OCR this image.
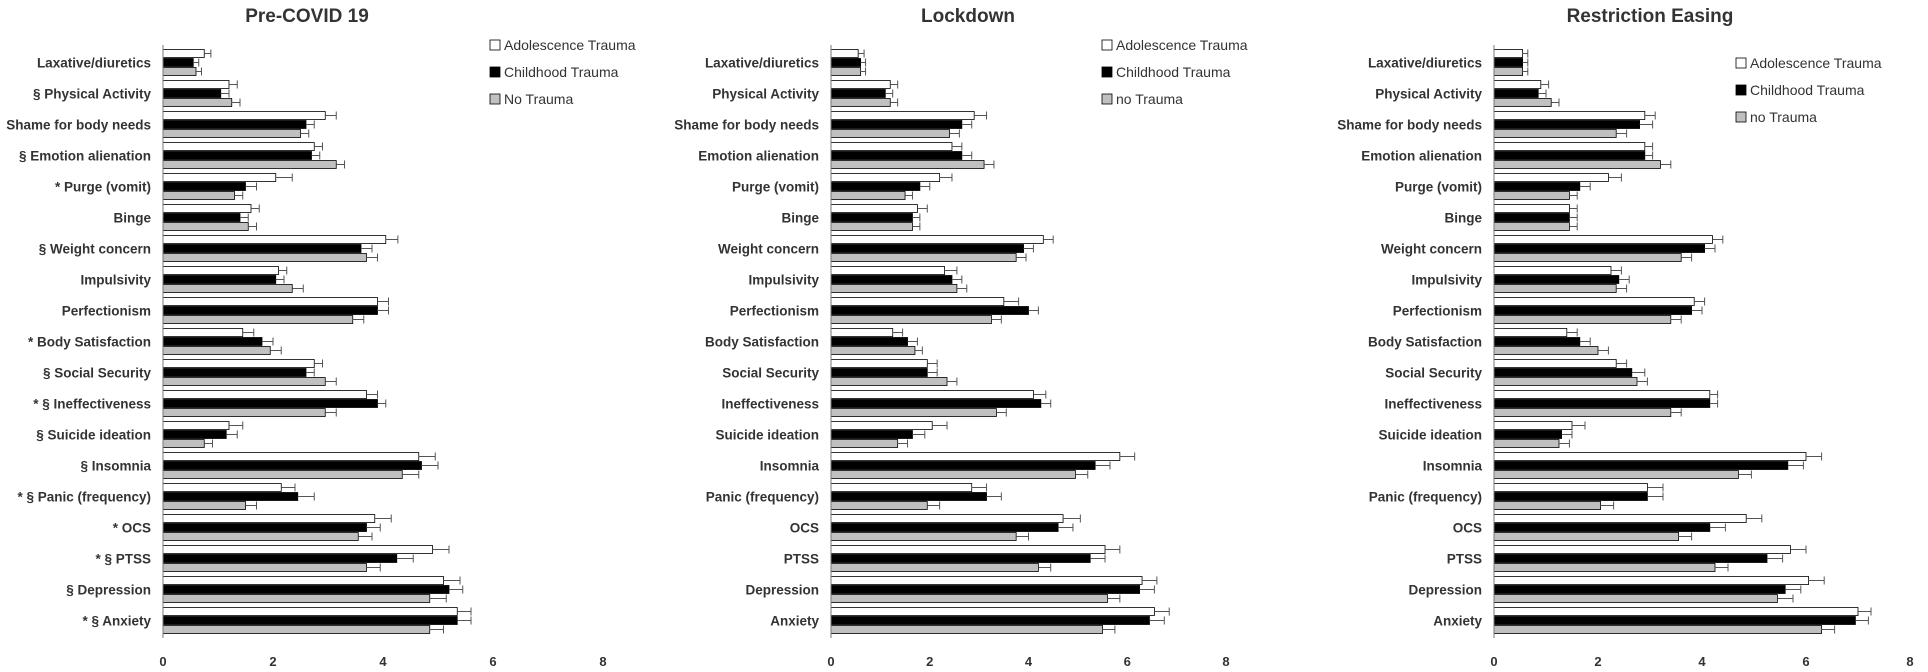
Pre-COVID 19
Laxative/diuretics
§ Physical Activity
Shame for body needs
§ Emotion alienation
* Purge (vomit)
Binge
§ Weight concern
Impulsivity
Perfectionism
* Body Satisfaction
§ Social Security
* § Ineffectiveness
§ Suicide ideation
§ Insomnia
* § Panic (frequency)
* OCS
* § PTSS
§ Depression
* § Anxiety
0	2	4	6	8
Adolescence Trauma
Childhood Trauma
No Trauma
Lockdown
Laxative/diuretics
Physical Activity
Shame for body needs
Emotion alienation
Purge (vomit)
Binge
Weight concern
Impulsivity
Perfectionism
Body Satisfaction
Social Security
Ineffectiveness
Suicide ideation
Insomnia
Panic (frequency)
OCS
PTSS
Depression
Anxiety
0	2	4	6	8
Adolescence Trauma
Childhood Trauma
no Trauma
Restriction Easing
Laxative/diuretics
Physical Activity
Shame for body needs
Emotion alienation
Purge (vomit)
Binge
Weight concern
Impulsivity
Perfectionism
Body Satisfaction
Social Security
Ineffectiveness
Suicide ideation
Insomnia
Panic (frequency)
OCS
PTSS
Depression
Anxiety
0	2	4	6	8
Adolescence Trauma
Childhood Trauma
no Trauma
